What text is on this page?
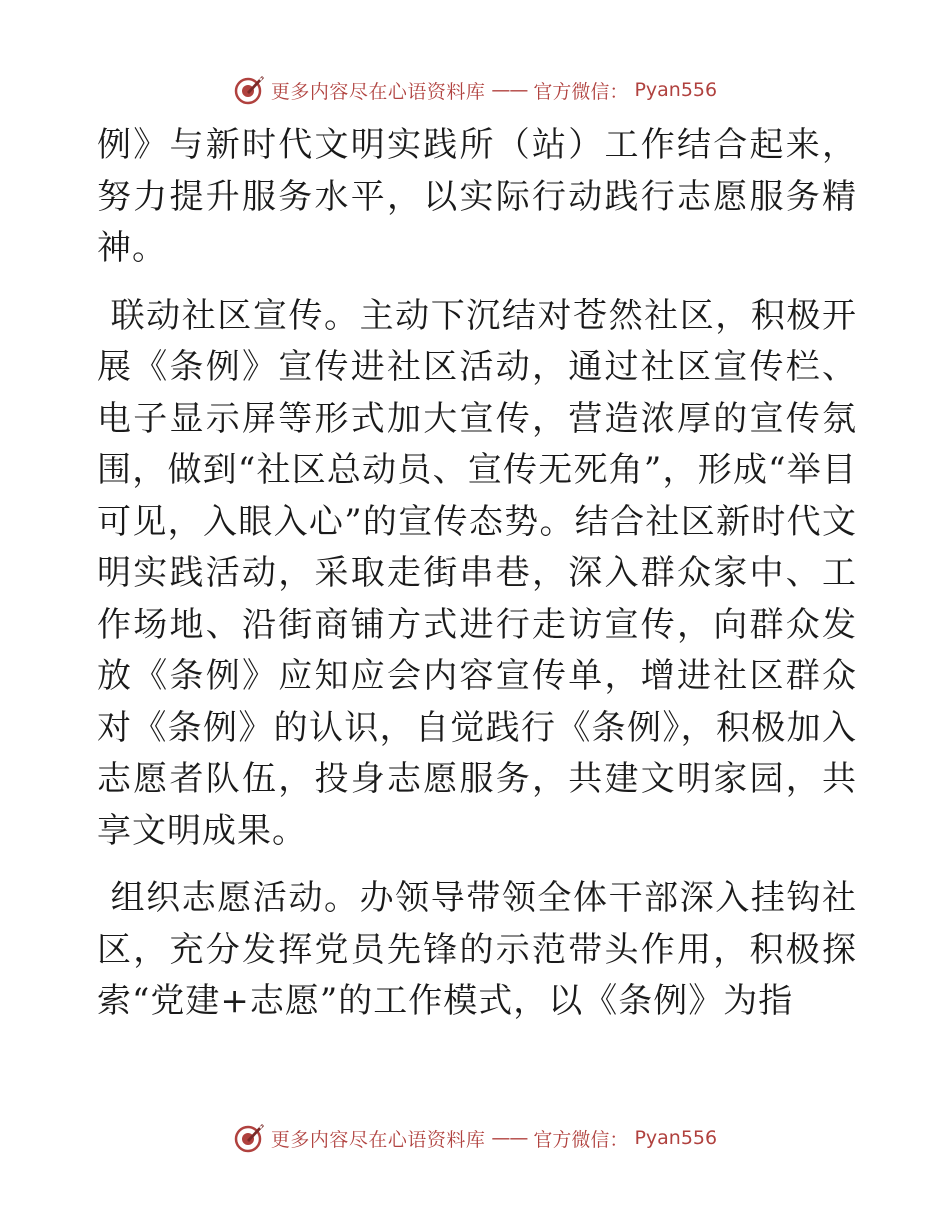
更多内容尽在心语资料库 —— 官方微信： Pyan556

例》与新时代文明实践所（站）工作结合起来，努力提升服务水平，以实际行动践行志愿服务精神。

联动社区宣传。主动下沉结对苍然社区，积极开展《条例》宣传进社区活动，通过社区宣传栏、电子显示屏等形式加大宣传，营造浓厚的宣传氛围，做到“社区总动员、宣传无死角”，形成“举目可见，入眼入心”的宣传态势。结合社区新时代文明实践活动，采取走街串巷，深入群众家中、工作场地、沿街商铺方式进行走访宣传，向群众发放《条例》应知应会内容宣传单，增进社区群众对《条例》的认识，自觉践行《条例》，积极加入志愿者队伍，投身志愿服务，共建文明家园，共享文明成果。

组织志愿活动。办领导带领全体干部深入挂钩社区，充分发挥党员先锋的示范带头作用，积极探索“党建+志愿”的工作模式，以《条例》为指

更多内容尽在心语资料库 —— 官方微信： Pyan556
